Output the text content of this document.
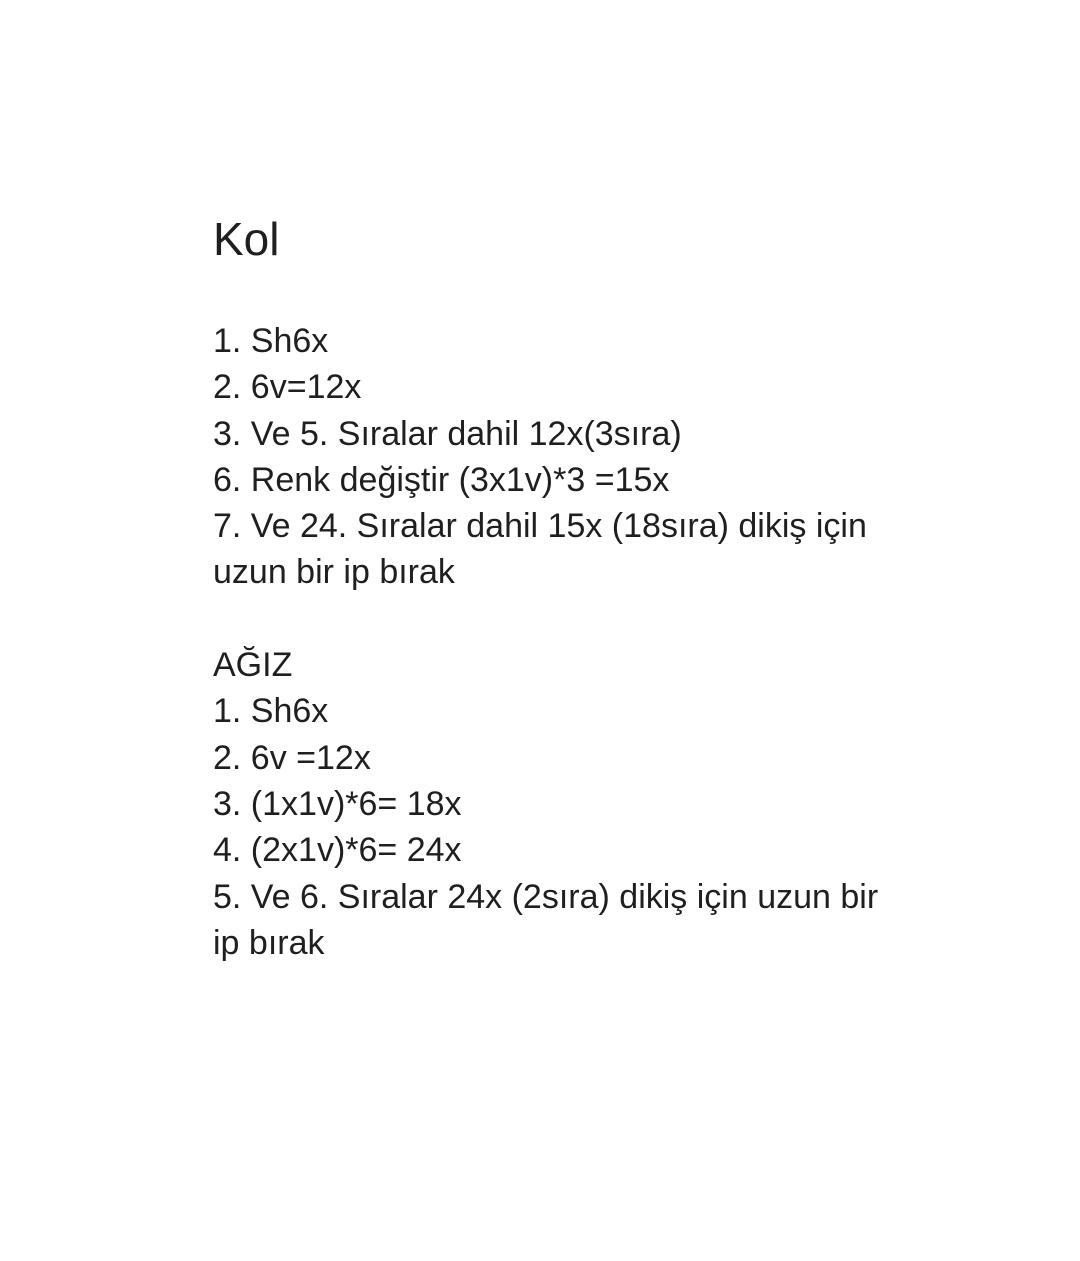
Kol

1. Sh6x

2. 6v=12x

3. Ve 5. Sıralar dahil 12x(3sıra)

6. Renk değiştir (3x1v)*3 =15x

7. Ve 24. Sıralar dahil 15x (18sıra) dikiş için

uzun bir ip bırak

AĞIZ

1. Sh6x

2. 6v =12x

3. (1x1v)*6= 18x

4. (2x1v)*6= 24x

5. Ve 6. Sıralar 24x (2sıra) dikiş için uzun bir

ip bırak
